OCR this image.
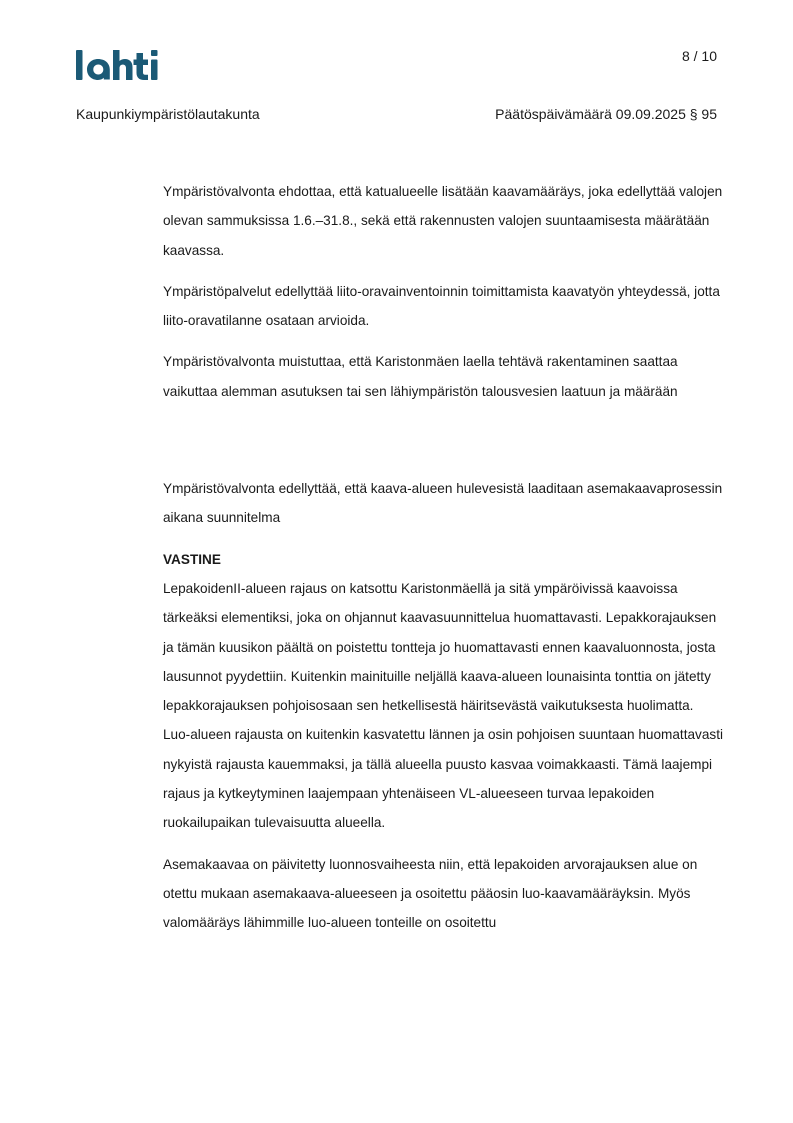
8 / 10
Kaupunkiympäristölautakunta	Päätöspäivämäärä 09.09.2025 § 95

Ympäristövalvonta ehdottaa, että katualueelle lisätään kaavamääräys, joka edellyttää valojen olevan sammuksissa 1.6.–31.8., sekä että rakennusten valojen suuntaamisesta määrätään kaavassa.

Ympäristöpalvelut edellyttää liito-oravainventoinnin toimittamista kaavatyön yhteydessä, jotta liito-oravatilanne osataan arvioida.

Ympäristövalvonta muistuttaa, että Karistonmäen laella tehtävä rakentaminen saattaa vaikuttaa alemman asutuksen tai sen lähiympäristön talousvesien laatuun ja määrään

Ympäristövalvonta edellyttää, että kaava-alueen hulevesistä laaditaan asemakaavaprosessin aikana suunnitelma

VASTINE

LepakoidenII-alueen rajaus on katsottu Karistonmäellä ja sitä ympäröivissä kaavoissa tärkeäksi elementiksi, joka on ohjannut kaavasuunnittelua huomattavasti. Lepakkorajauksen ja tämän kuusikon päältä on poistettu tontteja jo huomattavasti ennen kaavaluonnosta, josta lausunnot pyydettiin. Kuitenkin mainituille neljällä kaava-alueen lounaisinta tonttia on jätetty lepakkorajauksen pohjoisosaan sen hetkellisestä häiritsevästä vaikutuksesta huolimatta. Luo-alueen rajausta on kuitenkin kasvatettu lännen ja osin pohjoisen suuntaan huomattavasti nykyistä rajausta kauemmaksi, ja tällä alueella puusto kasvaa voimakkaasti. Tämä laajempi rajaus ja kytkeytyminen laajempaan yhtenäiseen VL-alueeseen turvaa lepakoiden ruokailupaikan tulevaisuutta alueella.

Asemakaavaa on päivitetty luonnosvaiheesta niin, että lepakoiden arvorajauksen alue on otettu mukaan asemakaava-alueeseen ja osoitettu pääosin luo-kaavamääräyksin. Myös valomääräys lähimmille luo-alueen tonteille on osoitettu
